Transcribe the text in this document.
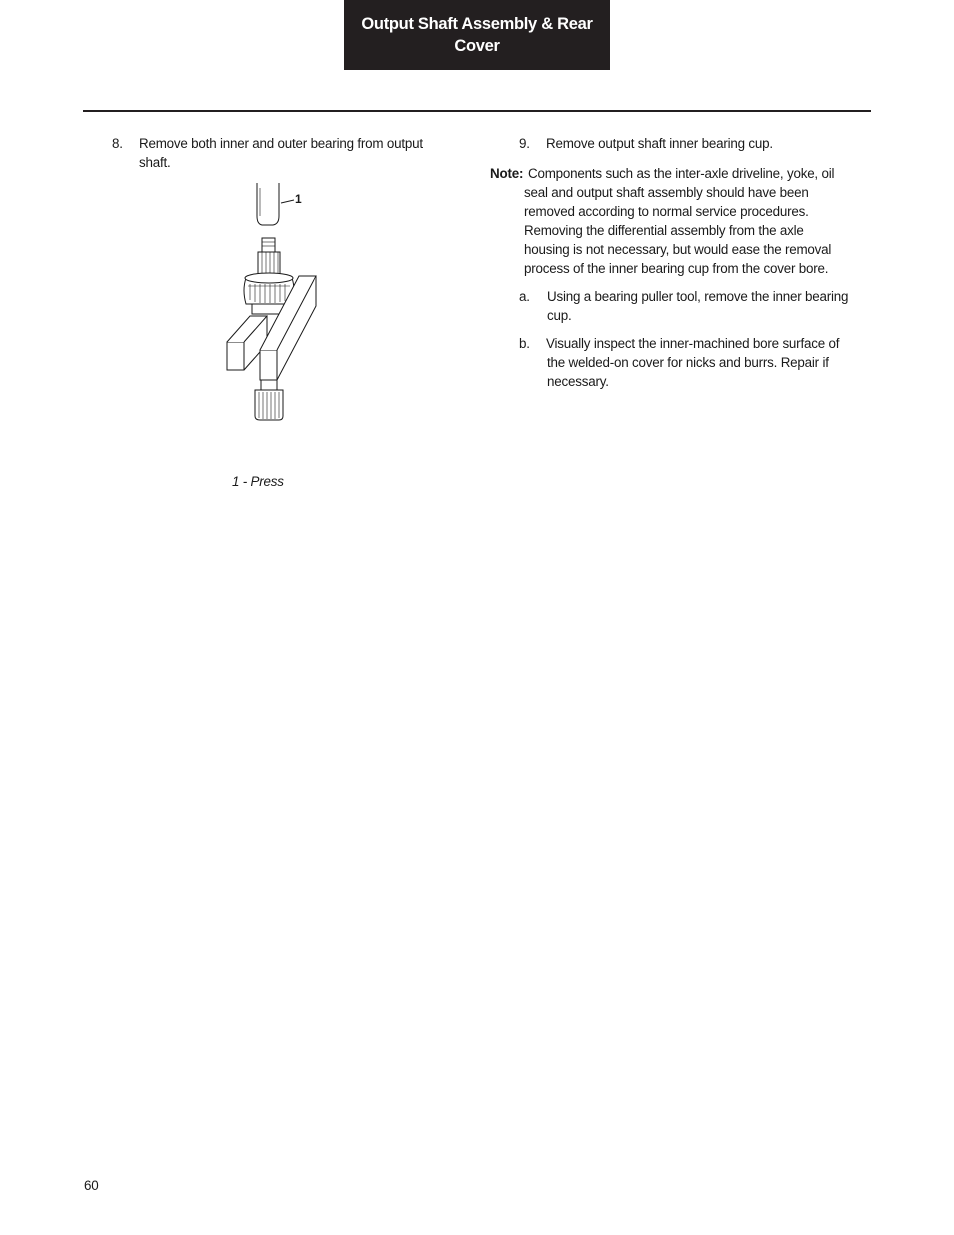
Output Shaft Assembly & Rear Cover
8. Remove both inner and outer bearing from output
shaft.
1
1 - Press
9. Remove output shaft inner bearing cup.
Note: Components such as the inter-axle driveline, yoke, oil
seal and output shaft assembly should have been
removed according to normal service procedures.
Removing the differential assembly from the axle
housing is not necessary, but would ease the removal
process of the inner bearing cup from the cover bore.
a. Using a bearing puller tool, remove the inner bearing
cup.
b. Visually inspect the inner-machined bore surface of
the welded-on cover for nicks and burrs. Repair if
necessary.
60
